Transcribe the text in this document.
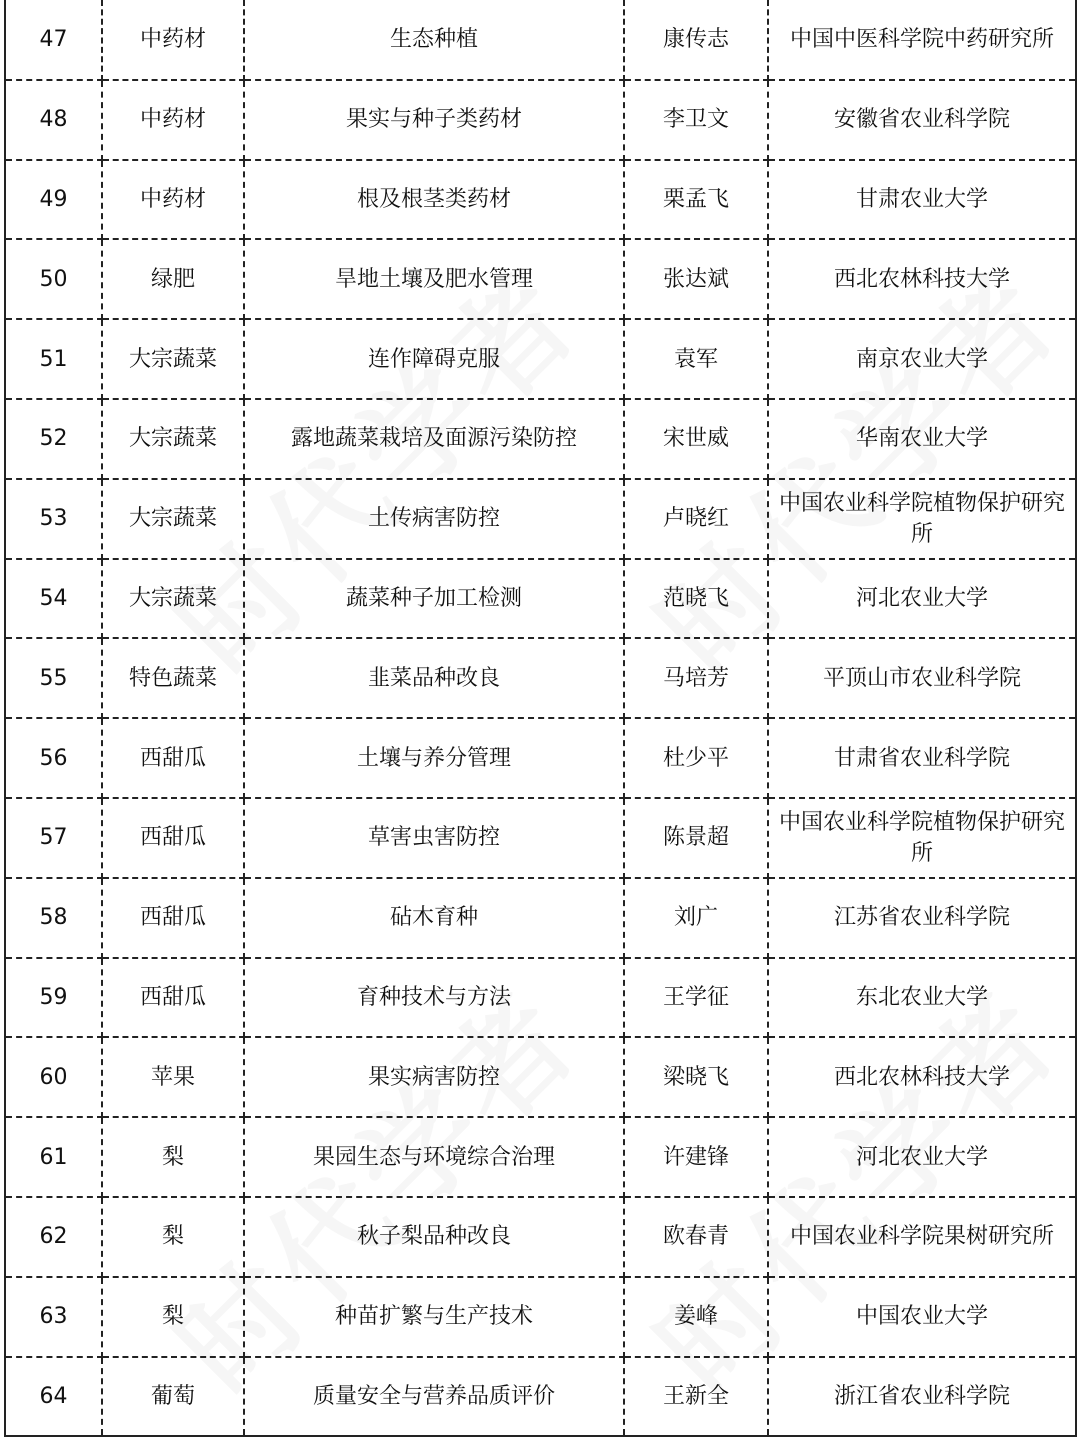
47	中药材	生态种植	康传志	中国中医科学院中药研究所
48	中药材	果实与种子类药材	李卫文	安徽省农业科学院
49	中药材	根及根茎类药材	栗孟飞	甘肃农业大学
50	绿肥	旱地土壤及肥水管理	张达斌	西北农林科技大学
51	大宗蔬菜	连作障碍克服	袁军	南京农业大学
52	大宗蔬菜	露地蔬菜栽培及面源污染防控	宋世威	华南农业大学
53	大宗蔬菜	土传病害防控	卢晓红	中国农业科学院植物保护研究所
54	大宗蔬菜	蔬菜种子加工检测	范晓飞	河北农业大学
55	特色蔬菜	韭菜品种改良	马培芳	平顶山市农业科学院
56	西甜瓜	土壤与养分管理	杜少平	甘肃省农业科学院
57	西甜瓜	草害虫害防控	陈景超	中国农业科学院植物保护研究所
58	西甜瓜	砧木育种	刘广	江苏省农业科学院
59	西甜瓜	育种技术与方法	王学征	东北农业大学
60	苹果	果实病害防控	梁晓飞	西北农林科技大学
61	梨	果园生态与环境综合治理	许建锋	河北农业大学
62	梨	秋子梨品种改良	欧春青	中国农业科学院果树研究所
63	梨	种苗扩繁与生产技术	姜峰	中国农业大学
64	葡萄	质量安全与营养品质评价	王新全	浙江省农业科学院
